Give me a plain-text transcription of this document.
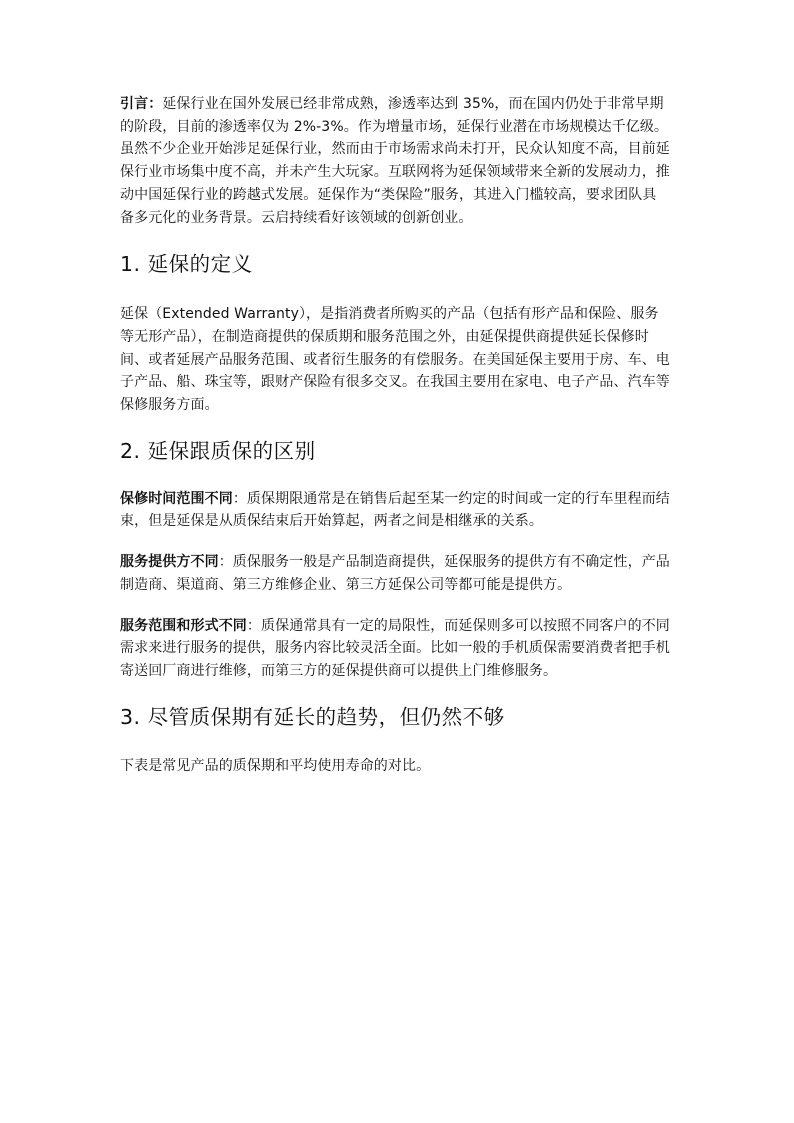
引言：延保行业在国外发展已经非常成熟，渗透率达到 35%，而在国内仍处于非常早期的阶段，目前的渗透率仅为 2%-3%。作为增量市场，延保行业潜在市场规模达千亿级。虽然不少企业开始涉足延保行业，然而由于市场需求尚未打开，民众认知度不高，目前延保行业市场集中度不高，并未产生大玩家。互联网将为延保领域带来全新的发展动力，推动中国延保行业的跨越式发展。延保作为“类保险”服务，其进入门槛较高，要求团队具备多元化的业务背景。云启持续看好该领域的创新创业。

1. 延保的定义

延保（Extended Warranty），是指消费者所购买的产品（包括有形产品和保险、服务等无形产品），在制造商提供的保质期和服务范围之外，由延保提供商提供延长保修时间、或者延展产品服务范围、或者衍生服务的有偿服务。在美国延保主要用于房、车、电子产品、船、珠宝等，跟财产保险有很多交叉。在我国主要用在家电、电子产品、汽车等保修服务方面。

2. 延保跟质保的区别

保修时间范围不同：质保期限通常是在销售后起至某一约定的时间或一定的行车里程而结束，但是延保是从质保结束后开始算起，两者之间是相继承的关系。

服务提供方不同：质保服务一般是产品制造商提供，延保服务的提供方有不确定性，产品制造商、渠道商、第三方维修企业、第三方延保公司等都可能是提供方。

服务范围和形式不同：质保通常具有一定的局限性，而延保则多可以按照不同客户的不同需求来进行服务的提供，服务内容比较灵活全面。比如一般的手机质保需要消费者把手机寄送回厂商进行维修，而第三方的延保提供商可以提供上门维修服务。

3. 尽管质保期有延长的趋势，但仍然不够

下表是常见产品的质保期和平均使用寿命的对比。
